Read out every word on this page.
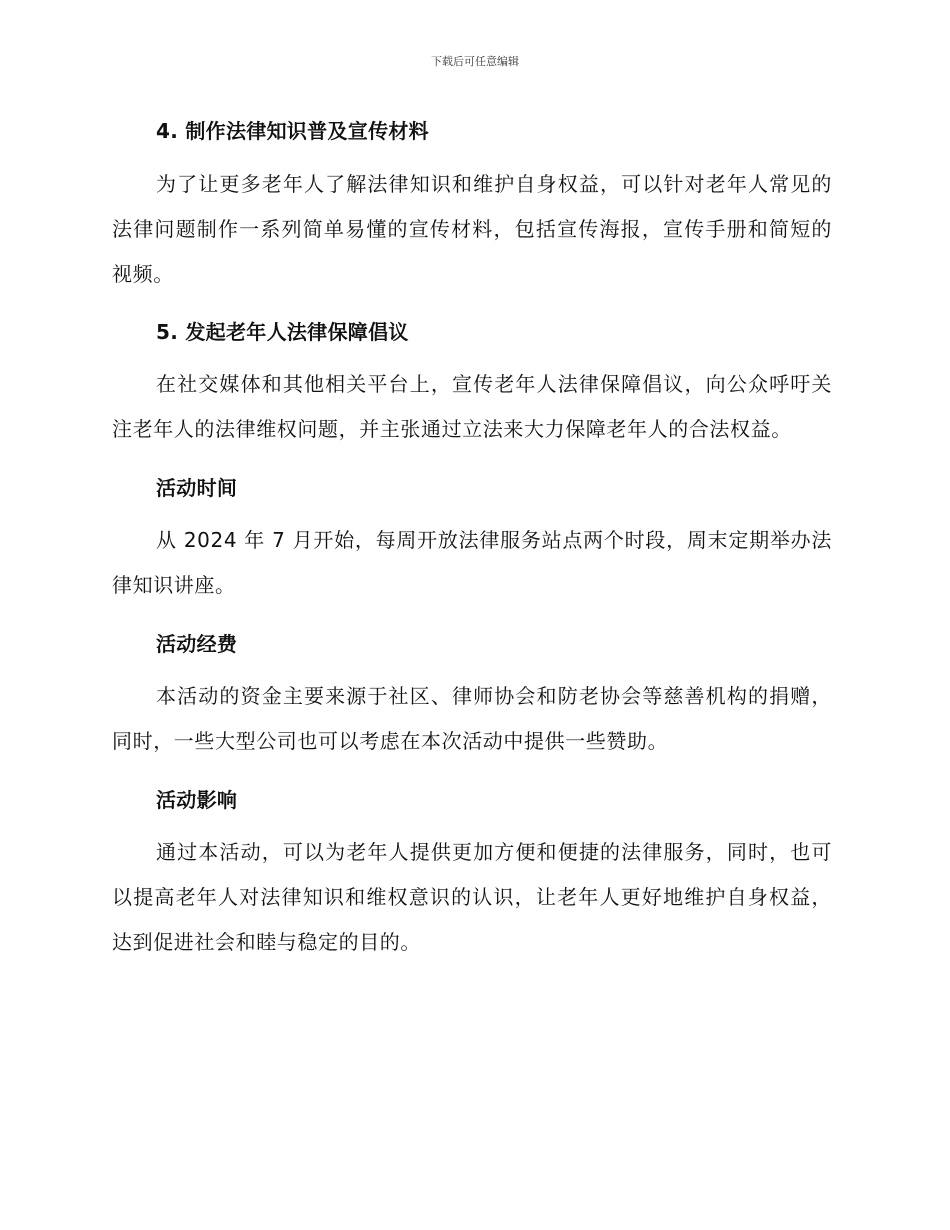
下载后可任意编辑
4. 制作法律知识普及宣传材料

为了让更多老年人了解法律知识和维护自身权益，可以针对老年人常见的法律问题制作一系列简单易懂的宣传材料，包括宣传海报，宣传手册和简短的视频。

5. 发起老年人法律保障倡议

在社交媒体和其他相关平台上，宣传老年人法律保障倡议，向公众呼吁关注老年人的法律维权问题，并主张通过立法来大力保障老年人的合法权益。

活动时间

从 2024 年 7 月开始，每周开放法律服务站点两个时段，周末定期举办法律知识讲座。

活动经费

本活动的资金主要来源于社区、律师协会和防老协会等慈善机构的捐赠，同时，一些大型公司也可以考虑在本次活动中提供一些赞助。

活动影响

通过本活动，可以为老年人提供更加方便和便捷的法律服务，同时，也可以提高老年人对法律知识和维权意识的认识，让老年人更好地维护自身权益，达到促进社会和睦与稳定的目的。
